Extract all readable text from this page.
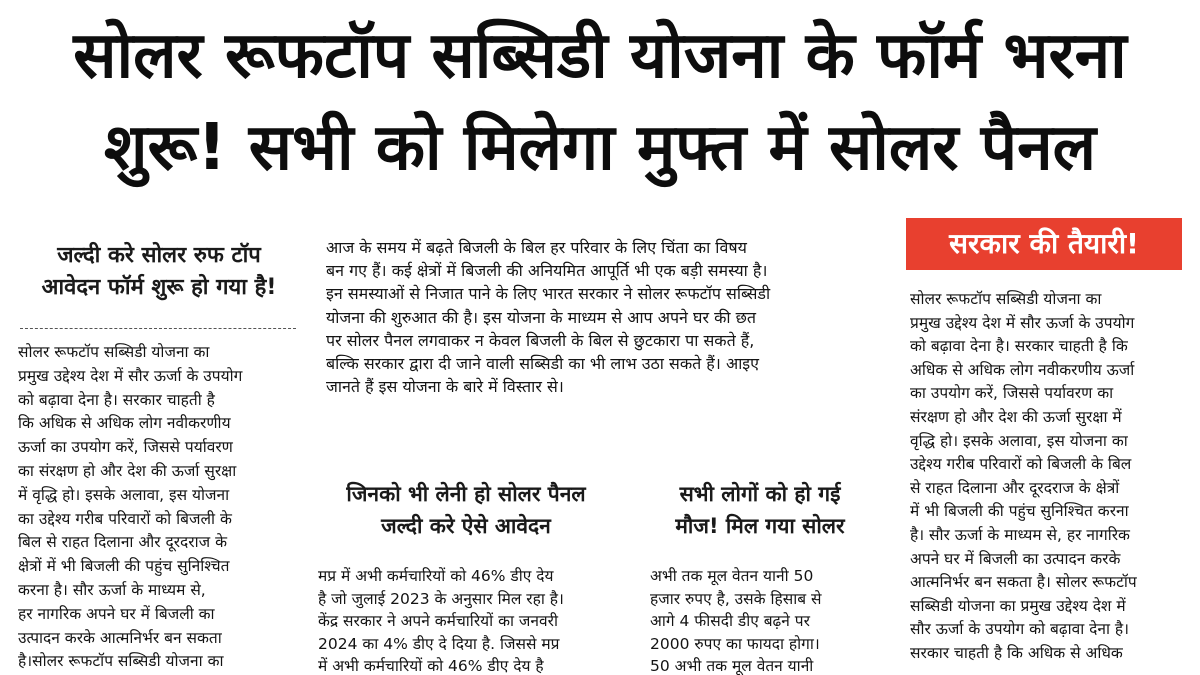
सोलर रूफटॉप सब्सिडी योजना के फॉर्म भरना
शुरू! सभी को मिलेगा मुफ्त में सोलर पैनल
जल्दी करे सोलर रुफ टॉप
आवेदन फॉर्म शुरू हो गया है!
सोलर रूफटॉप सब्सिडी योजना का
प्रमुख उद्देश्य देश में सौर ऊर्जा के उपयोग
को बढ़ावा देना है। सरकार चाहती है
कि अधिक से अधिक लोग नवीकरणीय
ऊर्जा का उपयोग करें, जिससे पर्यावरण
का संरक्षण हो और देश की ऊर्जा सुरक्षा
में वृद्धि हो। इसके अलावा, इस योजना
का उद्देश्य गरीब परिवारों को बिजली के
बिल से राहत दिलाना और दूरदराज के
क्षेत्रों में भी बिजली की पहुंच सुनिश्चित
करना है। सौर ऊर्जा के माध्यम से,
हर नागरिक अपने घर में बिजली का
उत्पादन करके आत्मनिर्भर बन सकता
है।सोलर रूफटॉप सब्सिडी योजना का
आज के समय में बढ़ते बिजली के बिल हर परिवार के लिए चिंता का विषय
बन गए हैं। कई क्षेत्रों में बिजली की अनियमित आपूर्ति भी एक बड़ी समस्या है।
इन समस्याओं से निजात पाने के लिए भारत सरकार ने सोलर रूफटॉप सब्सिडी
योजना की शुरुआत की है। इस योजना के माध्यम से आप अपने घर की छत
पर सोलर पैनल लगवाकर न केवल बिजली के बिल से छुटकारा पा सकते हैं,
बल्कि सरकार द्वारा दी जाने वाली सब्सिडी का भी लाभ उठा सकते हैं। आइए
जानते हैं इस योजना के बारे में विस्तार से।
जिनको भी लेनी हो सोलर पैनल
जल्दी करे ऐसे आवेदन
मप्र में अभी कर्मचारियों को 46% डीए देय
है जो जुलाई 2023 के अनुसार मिल रहा है।
केंद्र सरकार ने अपने कर्मचारियों का जनवरी
2024 का 4% डीए दे दिया है. जिससे मप्र
में अभी कर्मचारियों को 46% डीए देय है
सभी लोगों को हो गई
मौज! मिल गया सोलर
अभी तक मूल वेतन यानी 50
हजार रुपए है, उसके हिसाब से
आगे 4 फीसदी डीए बढ़ने पर
2000 रुपए का फायदा होगा।
50 अभी तक मूल वेतन यानी
सरकार की तैयारी!
सोलर रूफटॉप सब्सिडी योजना का
प्रमुख उद्देश्य देश में सौर ऊर्जा के उपयोग
को बढ़ावा देना है। सरकार चाहती है कि
अधिक से अधिक लोग नवीकरणीय ऊर्जा
का उपयोग करें, जिससे पर्यावरण का
संरक्षण हो और देश की ऊर्जा सुरक्षा में
वृद्धि हो। इसके अलावा, इस योजना का
उद्देश्य गरीब परिवारों को बिजली के बिल
से राहत दिलाना और दूरदराज के क्षेत्रों
में भी बिजली की पहुंच सुनिश्चित करना
है। सौर ऊर्जा के माध्यम से, हर नागरिक
अपने घर में बिजली का उत्पादन करके
आत्मनिर्भर बन सकता है। सोलर रूफटॉप
सब्सिडी योजना का प्रमुख उद्देश्य देश में
सौर ऊर्जा के उपयोग को बढ़ावा देना है।
सरकार चाहती है कि अधिक से अधिक
